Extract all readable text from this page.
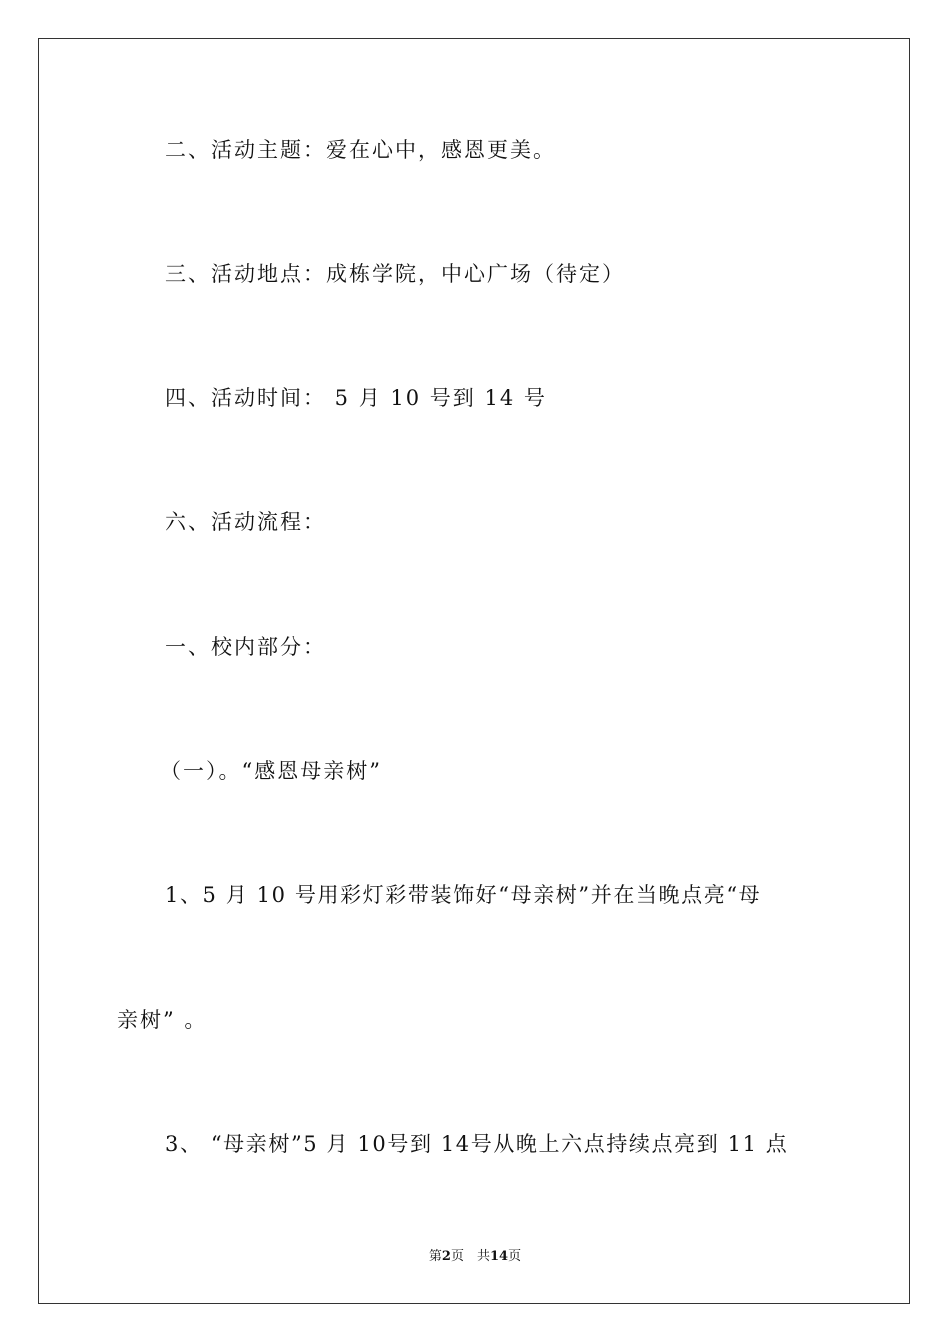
二、活动主题：爱在心中，感恩更美。
三、活动地点：成栋学院，中心广场（待定）
四、活动时间： 5 月 10 号到 14 号
六、活动流程：
一、校内部分：
（一）。“感恩母亲树”
1、5 月 10 号用彩灯彩带装饰好“母亲树”并在当晚点亮“母
亲树” 。
3、 “母亲树”5 月 10号到 14号从晚上六点持续点亮到 11 点
第2页　共14页
